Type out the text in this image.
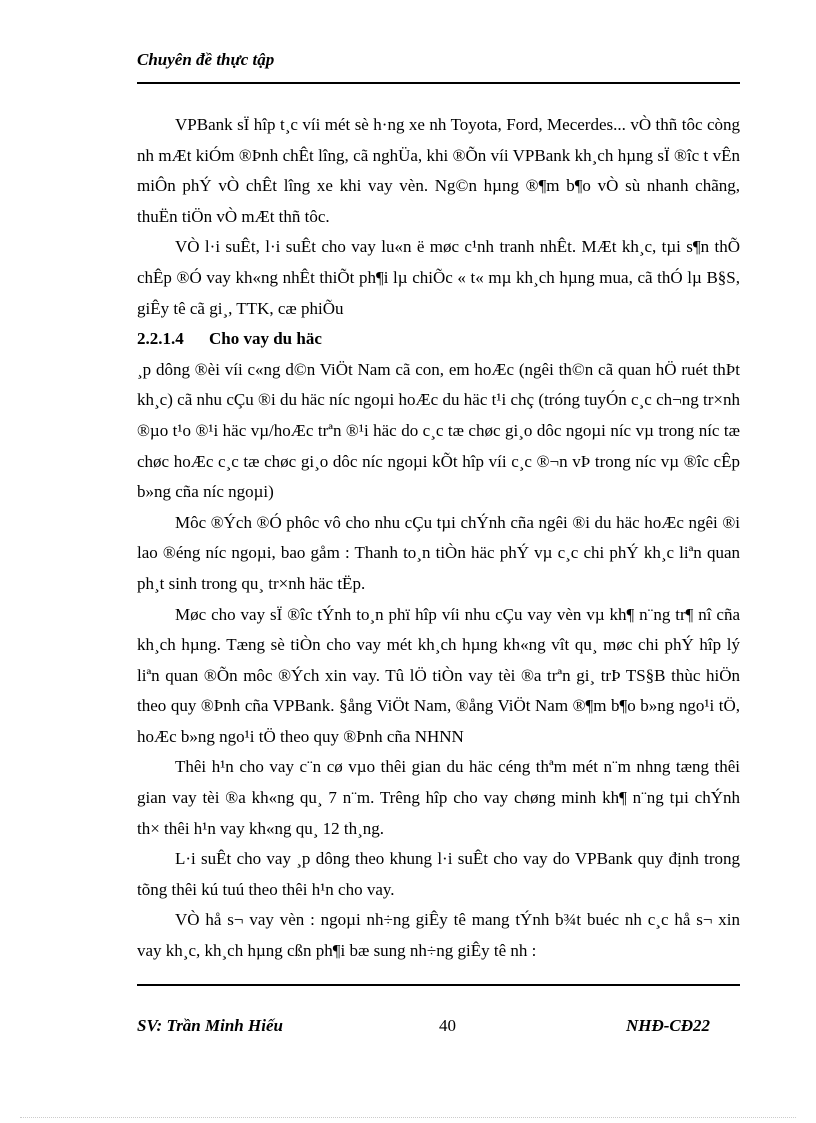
Chuyên đề thực tập

VPBank sÏ hîp t¸c víi mét sè h·ng xe nh Toyota, Ford, Mecerdes... vÒ thñ tôc còng nh mÆt kiÓm ®Þnh chÊt lîng, cã nghÜa, khi ®Õn víi VPBank kh¸ch hµng sÏ ®îc t vÊn miÔn phÝ vÒ chÊt lîng xe khi vay vèn. Ng©n hµng ®¶m b¶o vÒ sù nhanh chãng, thuËn tiÖn vÒ mÆt thñ tôc.

VÒ l·i suÊt, l·i suÊt cho vay lu«n ë møc c¹nh tranh nhÊt. MÆt kh¸c, tµi s¶n thÕ chÊp ®Ó vay kh«ng nhÊt thiÕt ph¶i lµ chiÕc « t« mµ kh¸ch hµng mua, cã thÓ lµ B§S, giÊy tê cã gi¸, TTK, cæ phiÕu

2.2.1.4 Cho vay du häc

¸p dông ®èi víi c«ng d©n ViÖt Nam cã con, em hoÆc (ngêi th©n cã quan hÖ ruét thÞt kh¸c) cã nhu cÇu ®i du häc níc ngoµi hoÆc du häc t¹i chç (tróng tuyÓn c¸c ch¬ng tr×nh ®µo t¹o ®¹i häc vµ/hoÆc trªn ®¹i häc do c¸c tæ chøc gi¸o dôc ngoµi níc vµ trong níc tæ chøc hoÆc c¸c tæ chøc gi¸o dôc níc ngoµi kÕt hîp víi c¸c ®¬n vÞ trong níc vµ ®îc cÊp b»ng cña níc ngoµi)

Môc ®Ých ®Ó phôc vô cho nhu cÇu tµi chÝnh cña ngêi ®i du häc hoÆc ngêi ®i lao ®éng níc ngoµi, bao gåm : Thanh to¸n tiÒn häc phÝ vµ c¸c chi phÝ kh¸c liªn quan ph¸t sinh trong qu¸ tr×nh häc tËp.

Møc cho vay sÏ ®îc tÝnh to¸n phï hîp víi nhu cÇu vay vèn vµ kh¶ n¨ng tr¶ nî cña kh¸ch hµng. Tæng sè tiÒn cho vay mét kh¸ch hµng kh«ng vît qu¸ møc chi phÝ hîp lý liªn quan ®Õn môc ®Ých xin vay. Tû lÖ tiÒn vay tèi ®a trªn gi¸ trÞ TS§B thùc hiÖn theo quy ®Þnh cña VPBank. §ång ViÖt Nam, ®ång ViÖt Nam ®¶m b¶o b»ng ngo¹i tÖ, hoÆc b»ng ngo¹i tÖ theo quy ®Þnh cña NHNN

Thêi h¹n cho vay c¨n cø vµo thêi gian du häc céng thªm mét n¨m nhng tæng thêi gian vay tèi ®a kh«ng qu¸ 7 n¨m. Trêng hîp cho vay chøng minh kh¶ n¨ng tµi chÝnh th× thêi h¹n vay kh«ng qu¸ 12 th¸ng.

L·i suÊt cho vay ¸p dông theo khung l·i suÊt cho vay do VPBank quy định trong tõng thêi kú tuú theo thêi h¹n cho vay.

VÒ hå s¬ vay vèn : ngoµi nh÷ng giÊy tê mang tÝnh b¾t buéc nh c¸c hå s¬ xin vay kh¸c, kh¸ch hµng cßn ph¶i bæ sung nh÷ng giÊy tê nh :

SV: Trần Minh Hiếu	40	NHĐ-CĐ22
